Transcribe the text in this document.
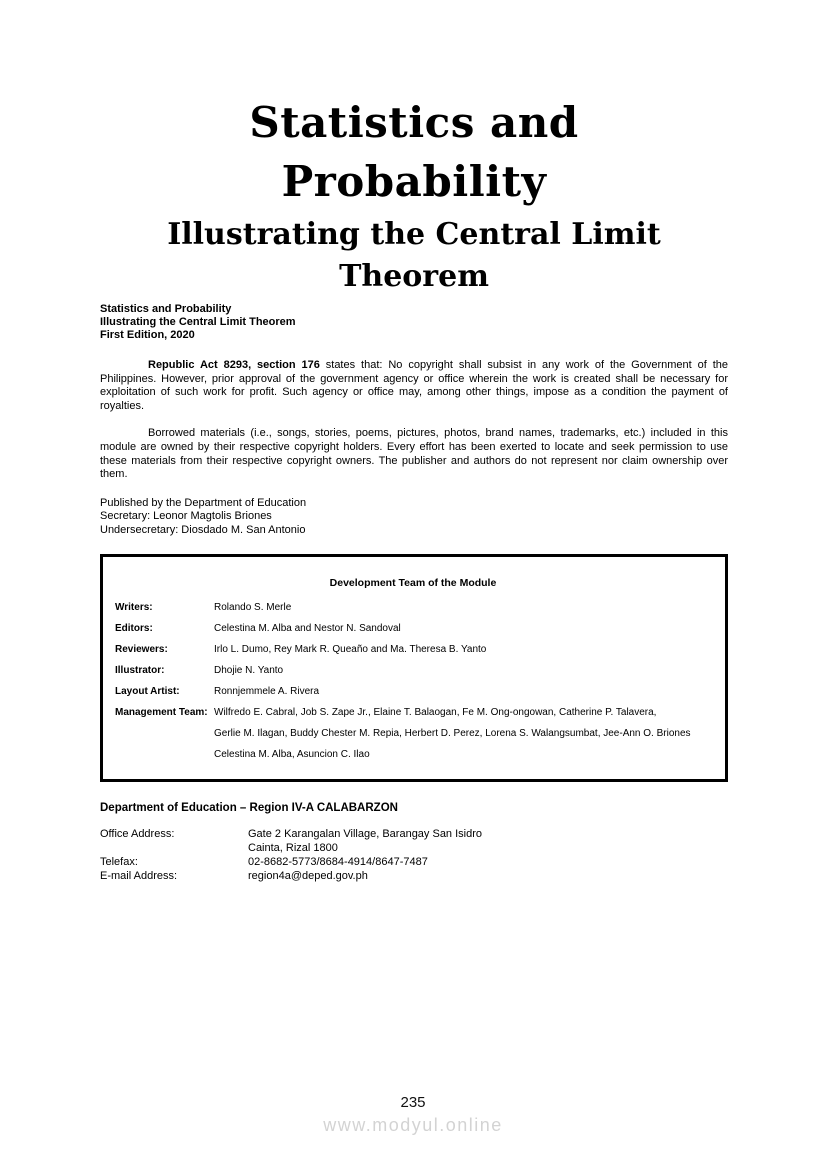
Statistics and
Probability
Illustrating the Central Limit Theorem
Statistics and Probability
Illustrating the Central Limit Theorem
First Edition, 2020

Republic Act 8293, section 176 states that: No copyright shall subsist in any work of the Government of the Philippines. However, prior approval of the government agency or office wherein the work is created shall be necessary for exploitation of such work for profit. Such agency or office may, among other things, impose as a condition the payment of royalties.

Borrowed materials (i.e., songs, stories, poems, pictures, photos, brand names, trademarks, etc.) included in this module are owned by their respective copyright holders. Every effort has been exerted to locate and seek permission to use these materials from their respective copyright owners. The publisher and authors do not represent nor claim ownership over them.

Published by the Department of Education
Secretary: Leonor Magtolis Briones
Undersecretary: Diosdado M. San Antonio
Development Team of the Module
Writers:	Rolando S. Merle
Editors:	Celestina M. Alba and Nestor N. Sandoval
Reviewers:	Irlo L. Dumo, Rey Mark R. Queaño and Ma. Theresa B. Yanto
Illustrator:	Dhojie N. Yanto
Layout Artist:	Ronnjemmele A. Rivera
Management Team: Wilfredo E. Cabral, Job S. Zape Jr., Elaine T. Balaogan, Fe M. Ong-ongowan, Catherine P. Talavera,
Gerlie M. Ilagan, Buddy Chester M. Repia, Herbert D. Perez, Lorena S. Walangsumbat, Jee-Ann O. Briones
Celestina M. Alba, Asuncion C. Ilao
Department of Education – Region IV-A CALABARZON
Office Address:	Gate 2 Karangalan Village, Barangay San Isidro
Cainta, Rizal 1800
Telefax:	02-8682-5773/8684-4914/8647-7487
E-mail Address:	region4a@deped.gov.ph
235
www.modyul.online
